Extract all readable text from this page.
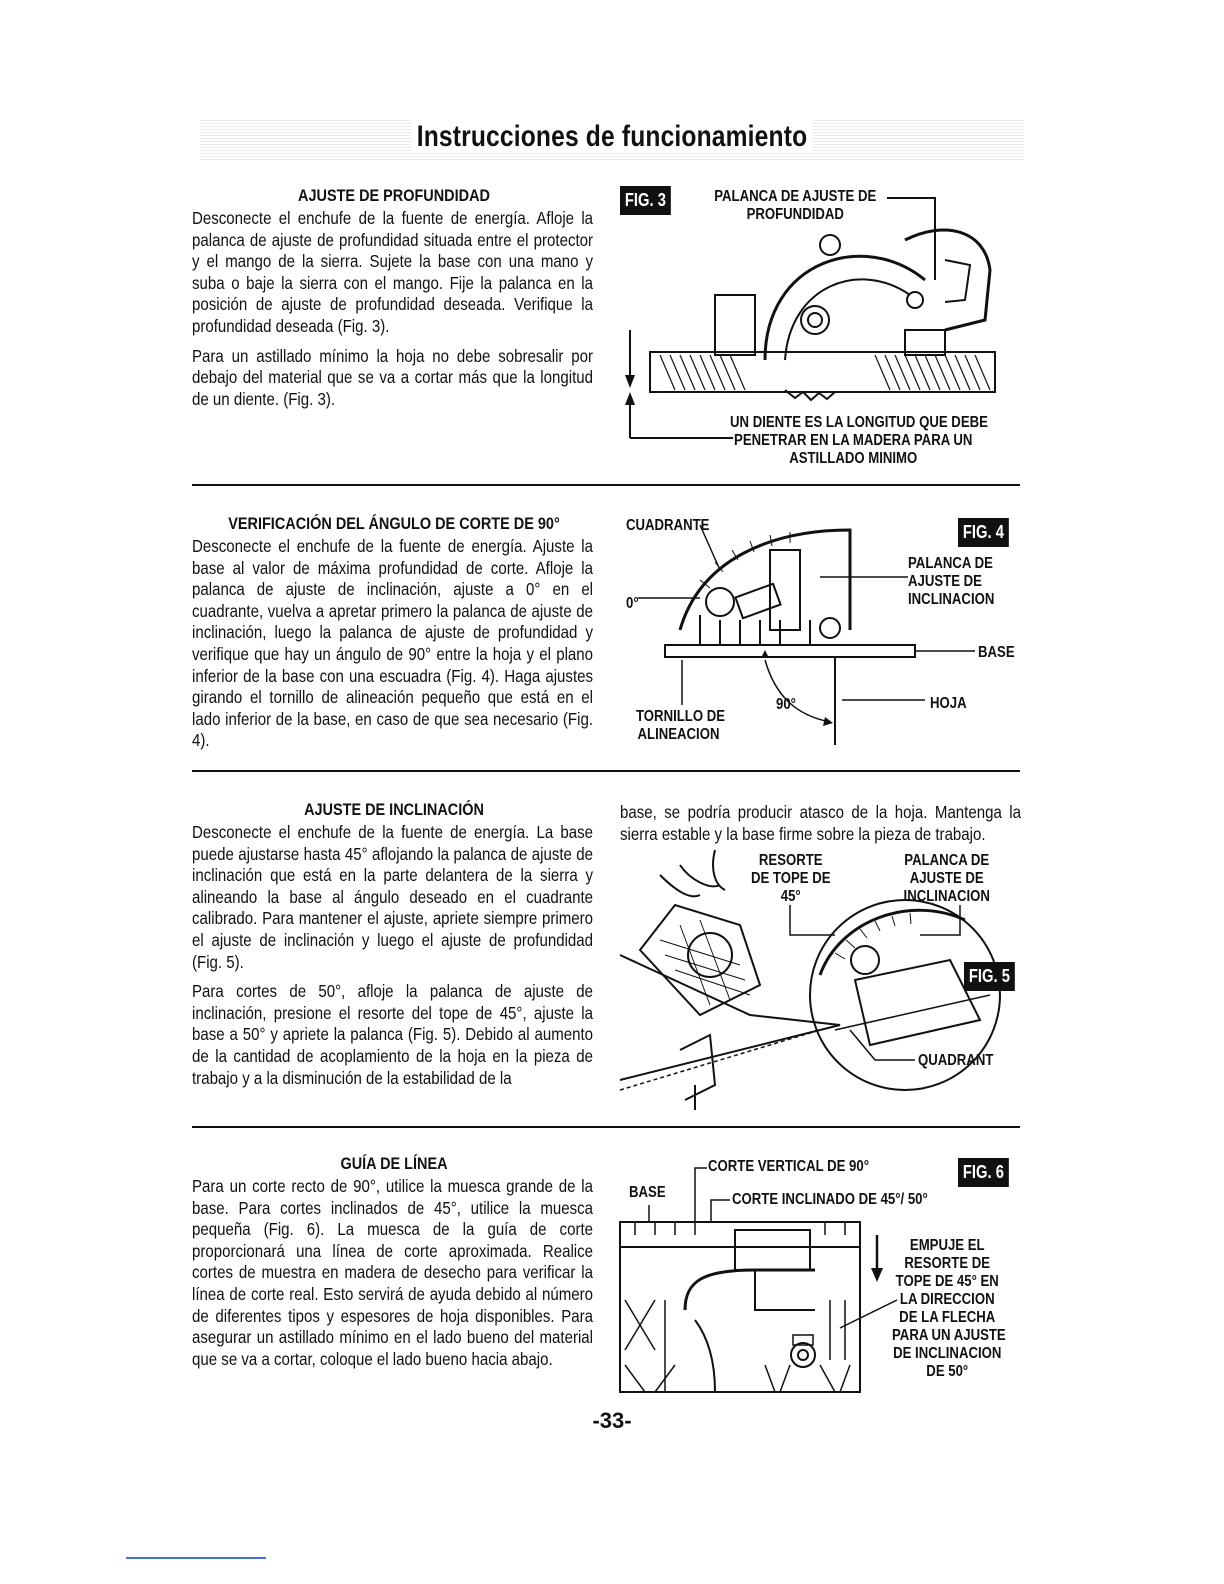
Instrucciones de funcionamiento
AJUSTE DE PROFUNDIDAD

Desconecte el enchufe de la fuente de energía. Afloje la palanca de ajuste de profundidad situada entre el protector y el mango de la sierra. Sujete la base con una mano y suba o baje la sierra con el mango. Fije la palanca en la posición de ajuste de profundidad deseada. Verifique la profundidad deseada (Fig. 3).

Para un astillado mínimo la hoja no debe sobresalir por debajo del material que se va a cortar más que la longitud de un diente. (Fig. 3).

FIG. 3	PALANCA DE AJUSTE DE
PROFUNDIDAD
UN DIENTE ES LA LONGITUD QUE DEBE
PENETRAR EN LA MADERA PARA UN
ASTILLADO MINIMO
VERIFICACIÓN DEL ÁNGULO DE CORTE DE 90°

Desconecte el enchufe de la fuente de energía. Ajuste la base al valor de máxima profundidad de corte. Afloje la palanca de ajuste de inclinación, ajuste a 0° en el cuadrante, vuelva a apretar primero la palanca de ajuste de inclinación, luego la palanca de ajuste de profundidad y verifique que hay un ángulo de 90° entre la hoja y el plano inferior de la base con una escuadra (Fig. 4). Haga ajustes girando el tornillo de alineación pequeño que está en el lado inferior de la base, en caso de que sea necesario (Fig. 4).

CUADRANTE	FIG. 4
0°
PALANCA DE
AJUSTE DE
INCLINACION
BASE
TORNILLO DE
ALINEACION
90°	HOJA
AJUSTE DE INCLINACIÓN

Desconecte el enchufe de la fuente de energía. La base puede ajustarse hasta 45° aflojando la palanca de ajuste de inclinación que está en la parte delantera de la sierra y alineando la base al ángulo deseado en el cuadrante calibrado. Para mantener el ajuste, apriete siempre primero el ajuste de inclinación y luego el ajuste de profundidad (Fig. 5).

Para cortes de 50°, afloje la palanca de ajuste de inclinación, presione el resorte del tope de 45°, ajuste la base a 50° y apriete la palanca (Fig. 5). Debido al aumento de la cantidad de acoplamiento de la hoja en la pieza de trabajo y a la disminución de la estabilidad de la

base, se podría producir atasco de la hoja. Mantenga la sierra estable y la base firme sobre la pieza de trabajo.

RESORTE
DE TOPE DE
45°
PALANCA DE
AJUSTE DE
INCLINACION
FIG. 5
QUADRANT
GUÍA DE LÍNEA

Para un corte recto de 90°, utilice la muesca grande de la base. Para cortes inclinados de 45°, utilice la muesca pequeña (Fig. 6). La muesca de la guía de corte proporcionará una línea de corte aproximada. Realice cortes de muestra en madera de desecho para verificar la línea de corte real. Esto servirá de ayuda debido al número de diferentes tipos y espesores de hoja disponibles. Para asegurar un astillado mínimo en el lado bueno del material que se va a cortar, coloque el lado bueno hacia abajo.

CORTE VERTICAL DE 90°	FIG. 6
BASE	CORTE INCLINADO DE 45°/ 50°
EMPUJE EL
RESORTE DE
TOPE DE 45° EN
LA DIRECCION
DE LA FLECHA
PARA UN AJUSTE
DE INCLINACION
DE 50°
-33-
